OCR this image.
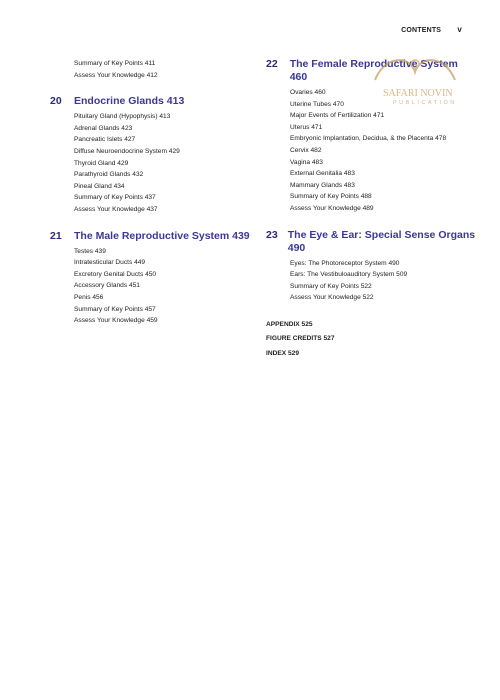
CONTENTS v
Summary of Key Points 411
Assess Your Knowledge 412
20	Endocrine Glands 413
Pituitary Gland (Hypophysis) 413
Adrenal Glands 423
Pancreatic Islets 427
Diffuse Neuroendocrine System 429
Thyroid Gland 429
Parathyroid Glands 432
Pineal Gland 434
Summary of Key Points 437
Assess Your Knowledge 437
21	The Male Reproductive System 439
Testes 439
Intratesticular Ducts 449
Excretory Genital Ducts 450
Accessory Glands 451
Penis 456
Summary of Key Points 457
Assess Your Knowledge 459
22	The Female Reproductive System 460
Ovaries 460
Uterine Tubes 470
Major Events of Fertilization 471
Uterus 471
Embryonic Implantation, Decidua, & the Placenta 478
Cervix 482
Vagina 483
External Genitalia 483
Mammary Glands 483
Summary of Key Points 488
Assess Your Knowledge 489
23 The Eye & Ear: Special Sense Organs 490
Eyes: The Photoreceptor System 490
Ears: The Vestibuloauditory System 509
Summary of Key Points 522
Assess Your Knowledge 522
APPENDIX 525
FIGURE CREDITS 527
INDEX 529
SAFARI NOVIN
PUBLICATION
